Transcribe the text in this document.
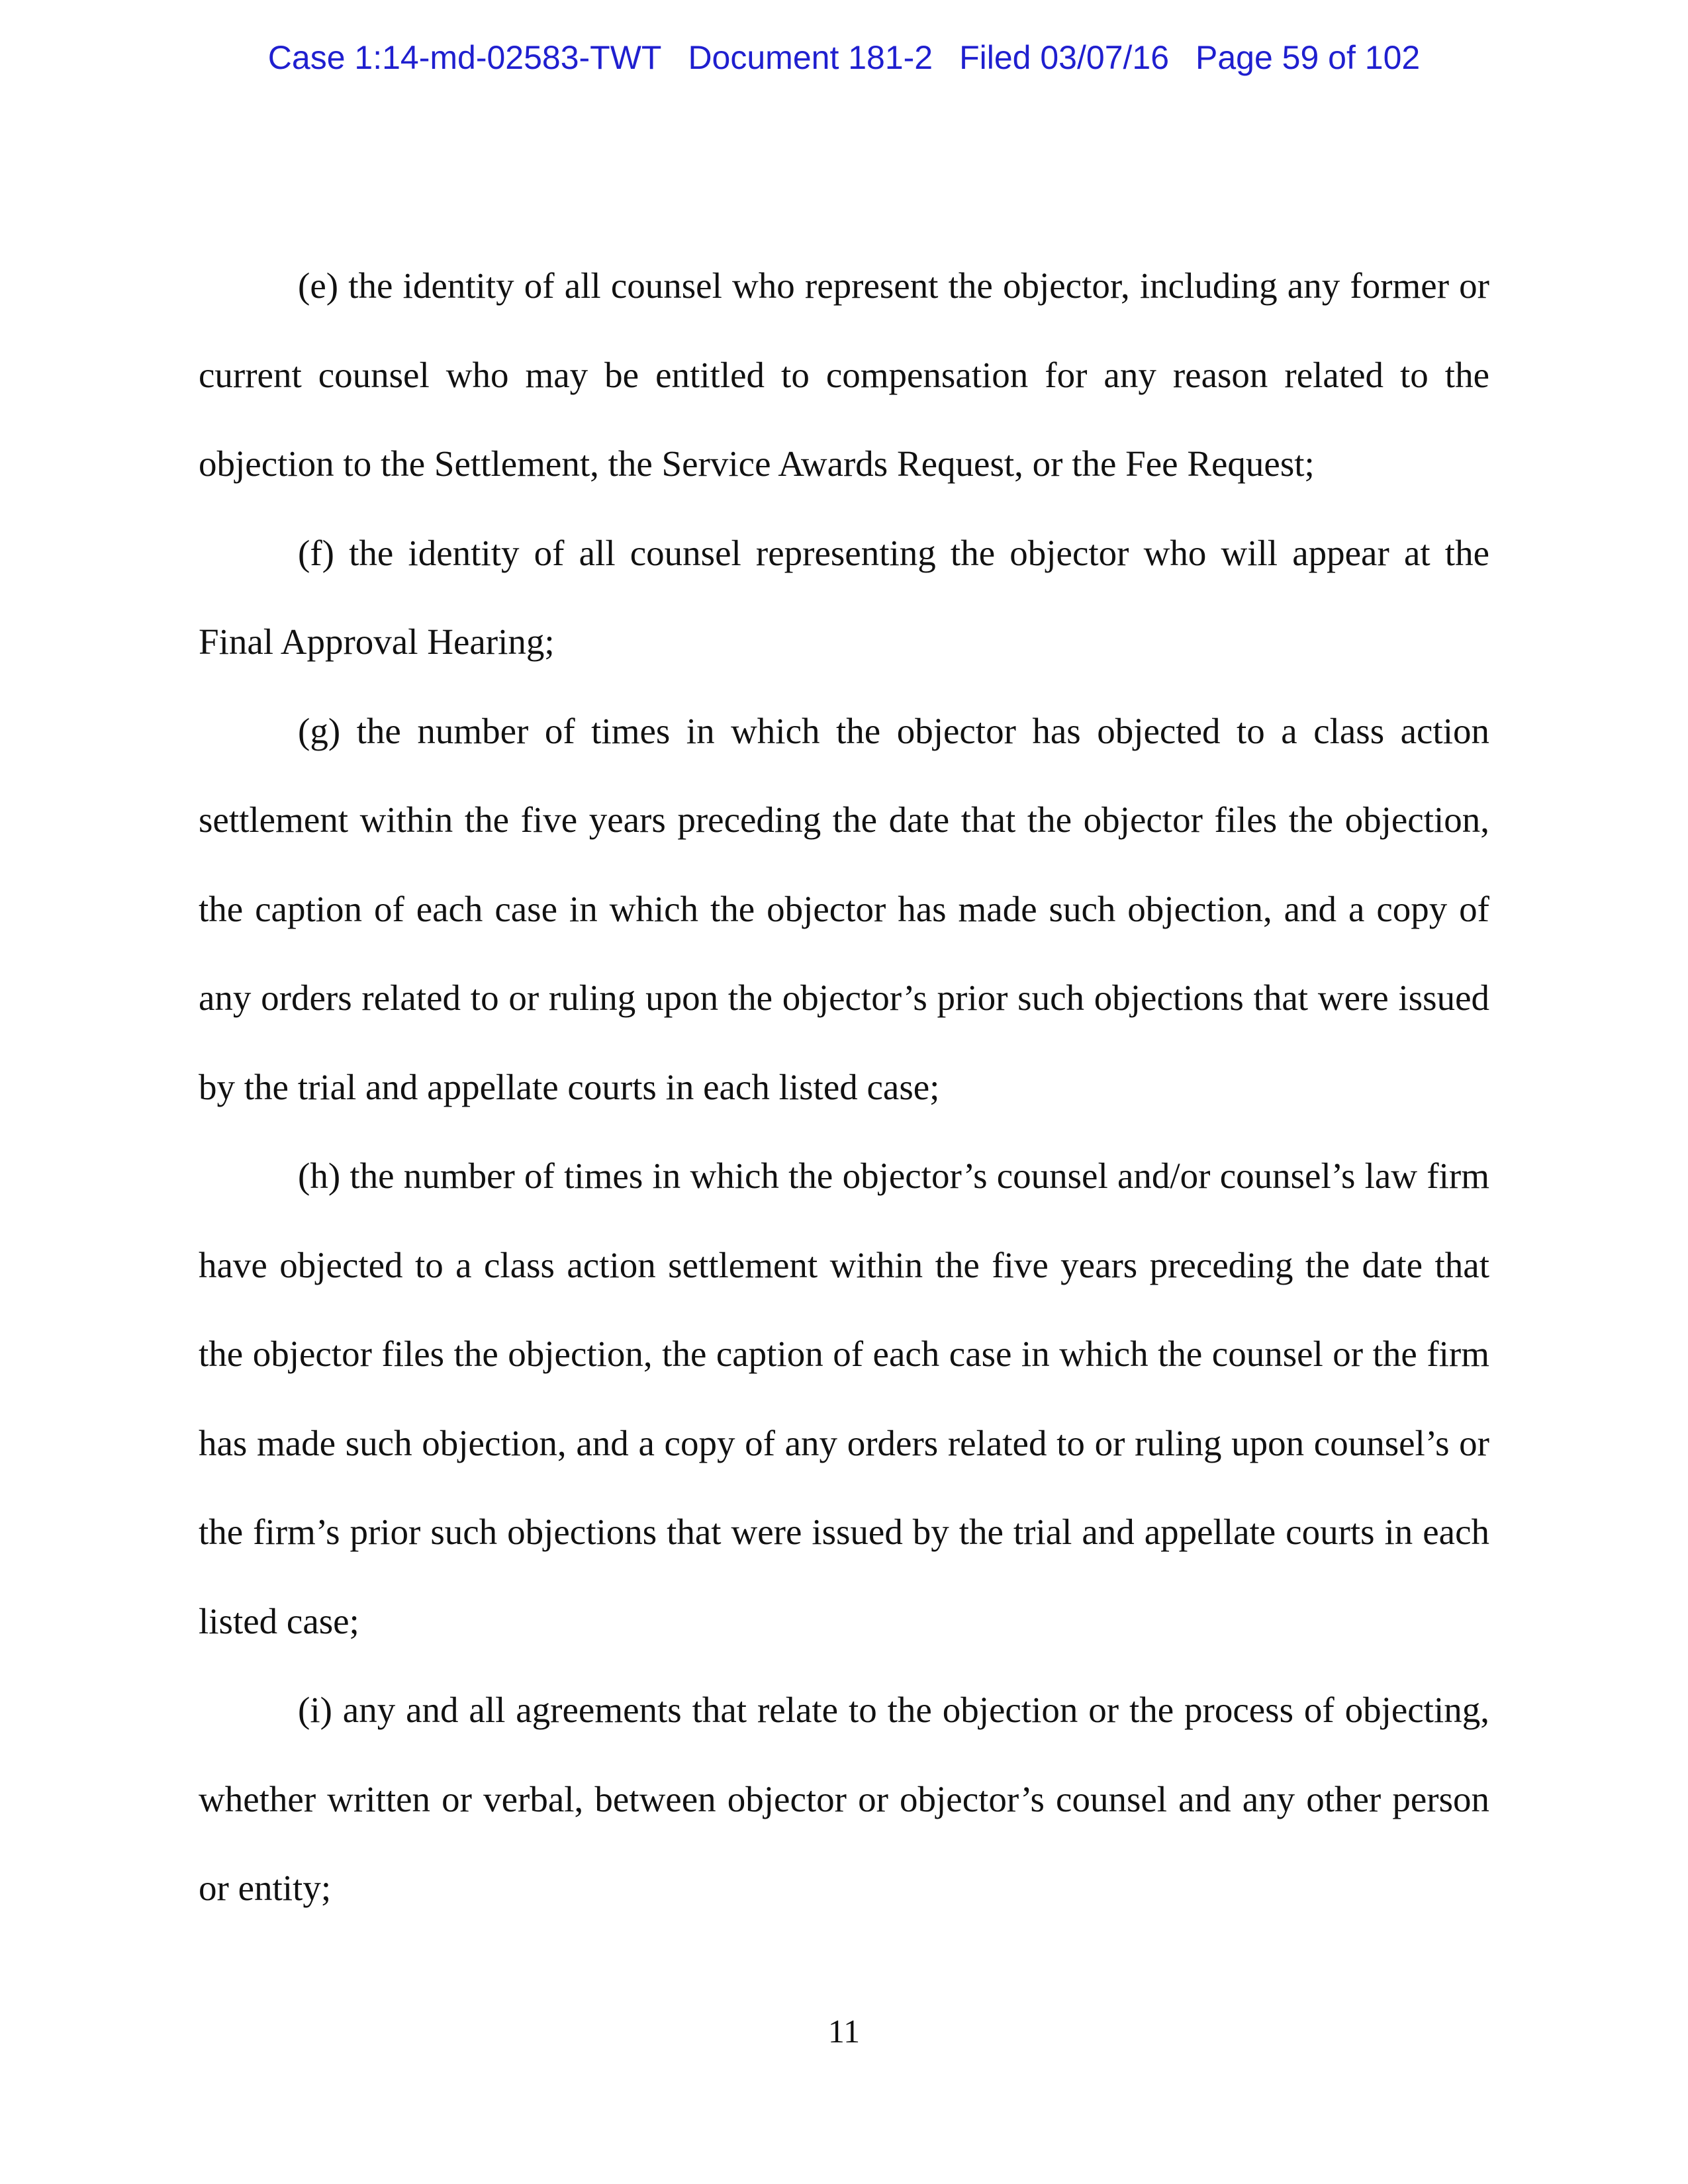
Case 1:14-md-02583-TWT Document 181-2 Filed 03/07/16 Page 59 of 102

(e) the identity of all counsel who represent the objector, including any former or current counsel who may be entitled to compensation for any reason related to the objection to the Settlement, the Service Awards Request, or the Fee Request;

(f) the identity of all counsel representing the objector who will appear at the Final Approval Hearing;

(g) the number of times in which the objector has objected to a class action settlement within the five years preceding the date that the objector files the objection, the caption of each case in which the objector has made such objection, and a copy of any orders related to or ruling upon the objector’s prior such objections that were issued by the trial and appellate courts in each listed case;

(h) the number of times in which the objector’s counsel and/or counsel’s law firm have objected to a class action settlement within the five years preceding the date that the objector files the objection, the caption of each case in which the counsel or the firm has made such objection, and a copy of any orders related to or ruling upon counsel’s or the firm’s prior such objections that were issued by the trial and appellate courts in each listed case;

(i) any and all agreements that relate to the objection or the process of objecting, whether written or verbal, between objector or objector’s counsel and any other person or entity;

11
